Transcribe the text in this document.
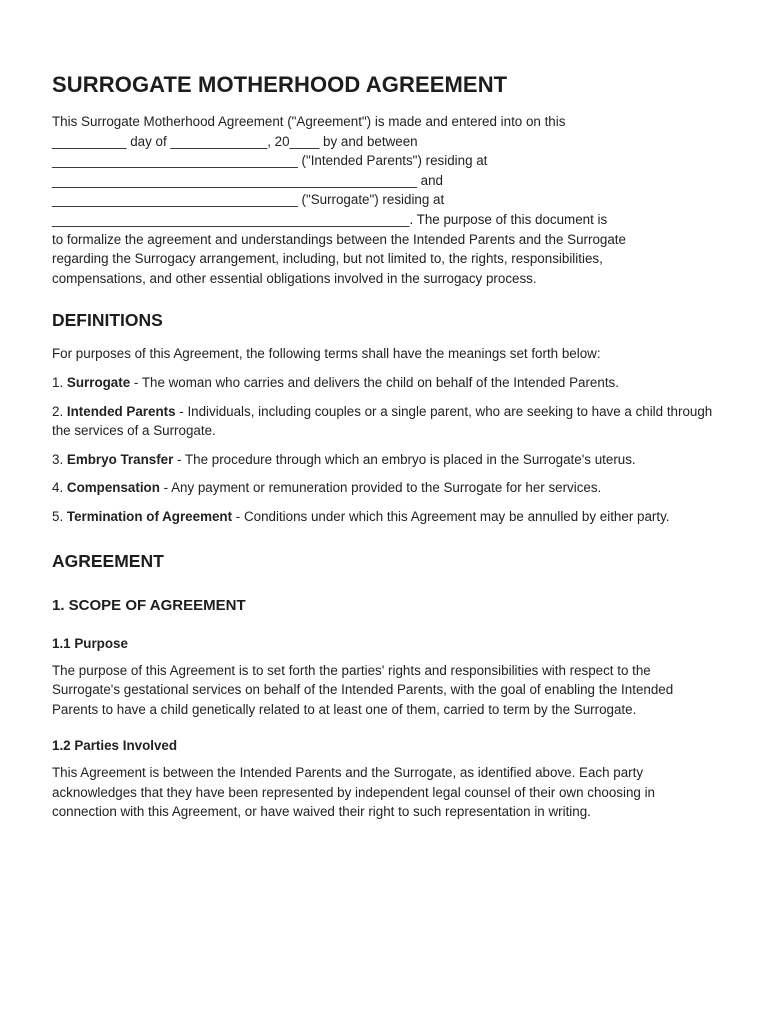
SURROGATE MOTHERHOOD AGREEMENT

This Surrogate Motherhood Agreement ("Agreement") is made and entered into on this

__________ day of _____________, 20____ by and between

_________________________________ ("Intended Parents") residing at

_________________________________________________ and

_________________________________ ("Surrogate") residing at

________________________________________________. The purpose of this document is

to formalize the agreement and understandings between the Intended Parents and the Surrogate

regarding the Surrogacy arrangement, including, but not limited to, the rights, responsibilities,

compensations, and other essential obligations involved in the surrogacy process.

DEFINITIONS

For purposes of this Agreement, the following terms shall have the meanings set forth below:

1. Surrogate - The woman who carries and delivers the child on behalf of the Intended Parents.

2. Intended Parents - Individuals, including couples or a single parent, who are seeking to have a child through the services of a Surrogate.

3. Embryo Transfer - The procedure through which an embryo is placed in the Surrogate's uterus.

4. Compensation - Any payment or remuneration provided to the Surrogate for her services.

5. Termination of Agreement - Conditions under which this Agreement may be annulled by either party.

AGREEMENT
1. SCOPE OF AGREEMENT
1.1 Purpose

The purpose of this Agreement is to set forth the parties' rights and responsibilities with respect to the Surrogate's gestational services on behalf of the Intended Parents, with the goal of enabling the Intended Parents to have a child genetically related to at least one of them, carried to term by the Surrogate.

1.2 Parties Involved

This Agreement is between the Intended Parents and the Surrogate, as identified above. Each party acknowledges that they have been represented by independent legal counsel of their own choosing in connection with this Agreement, or have waived their right to such representation in writing.
